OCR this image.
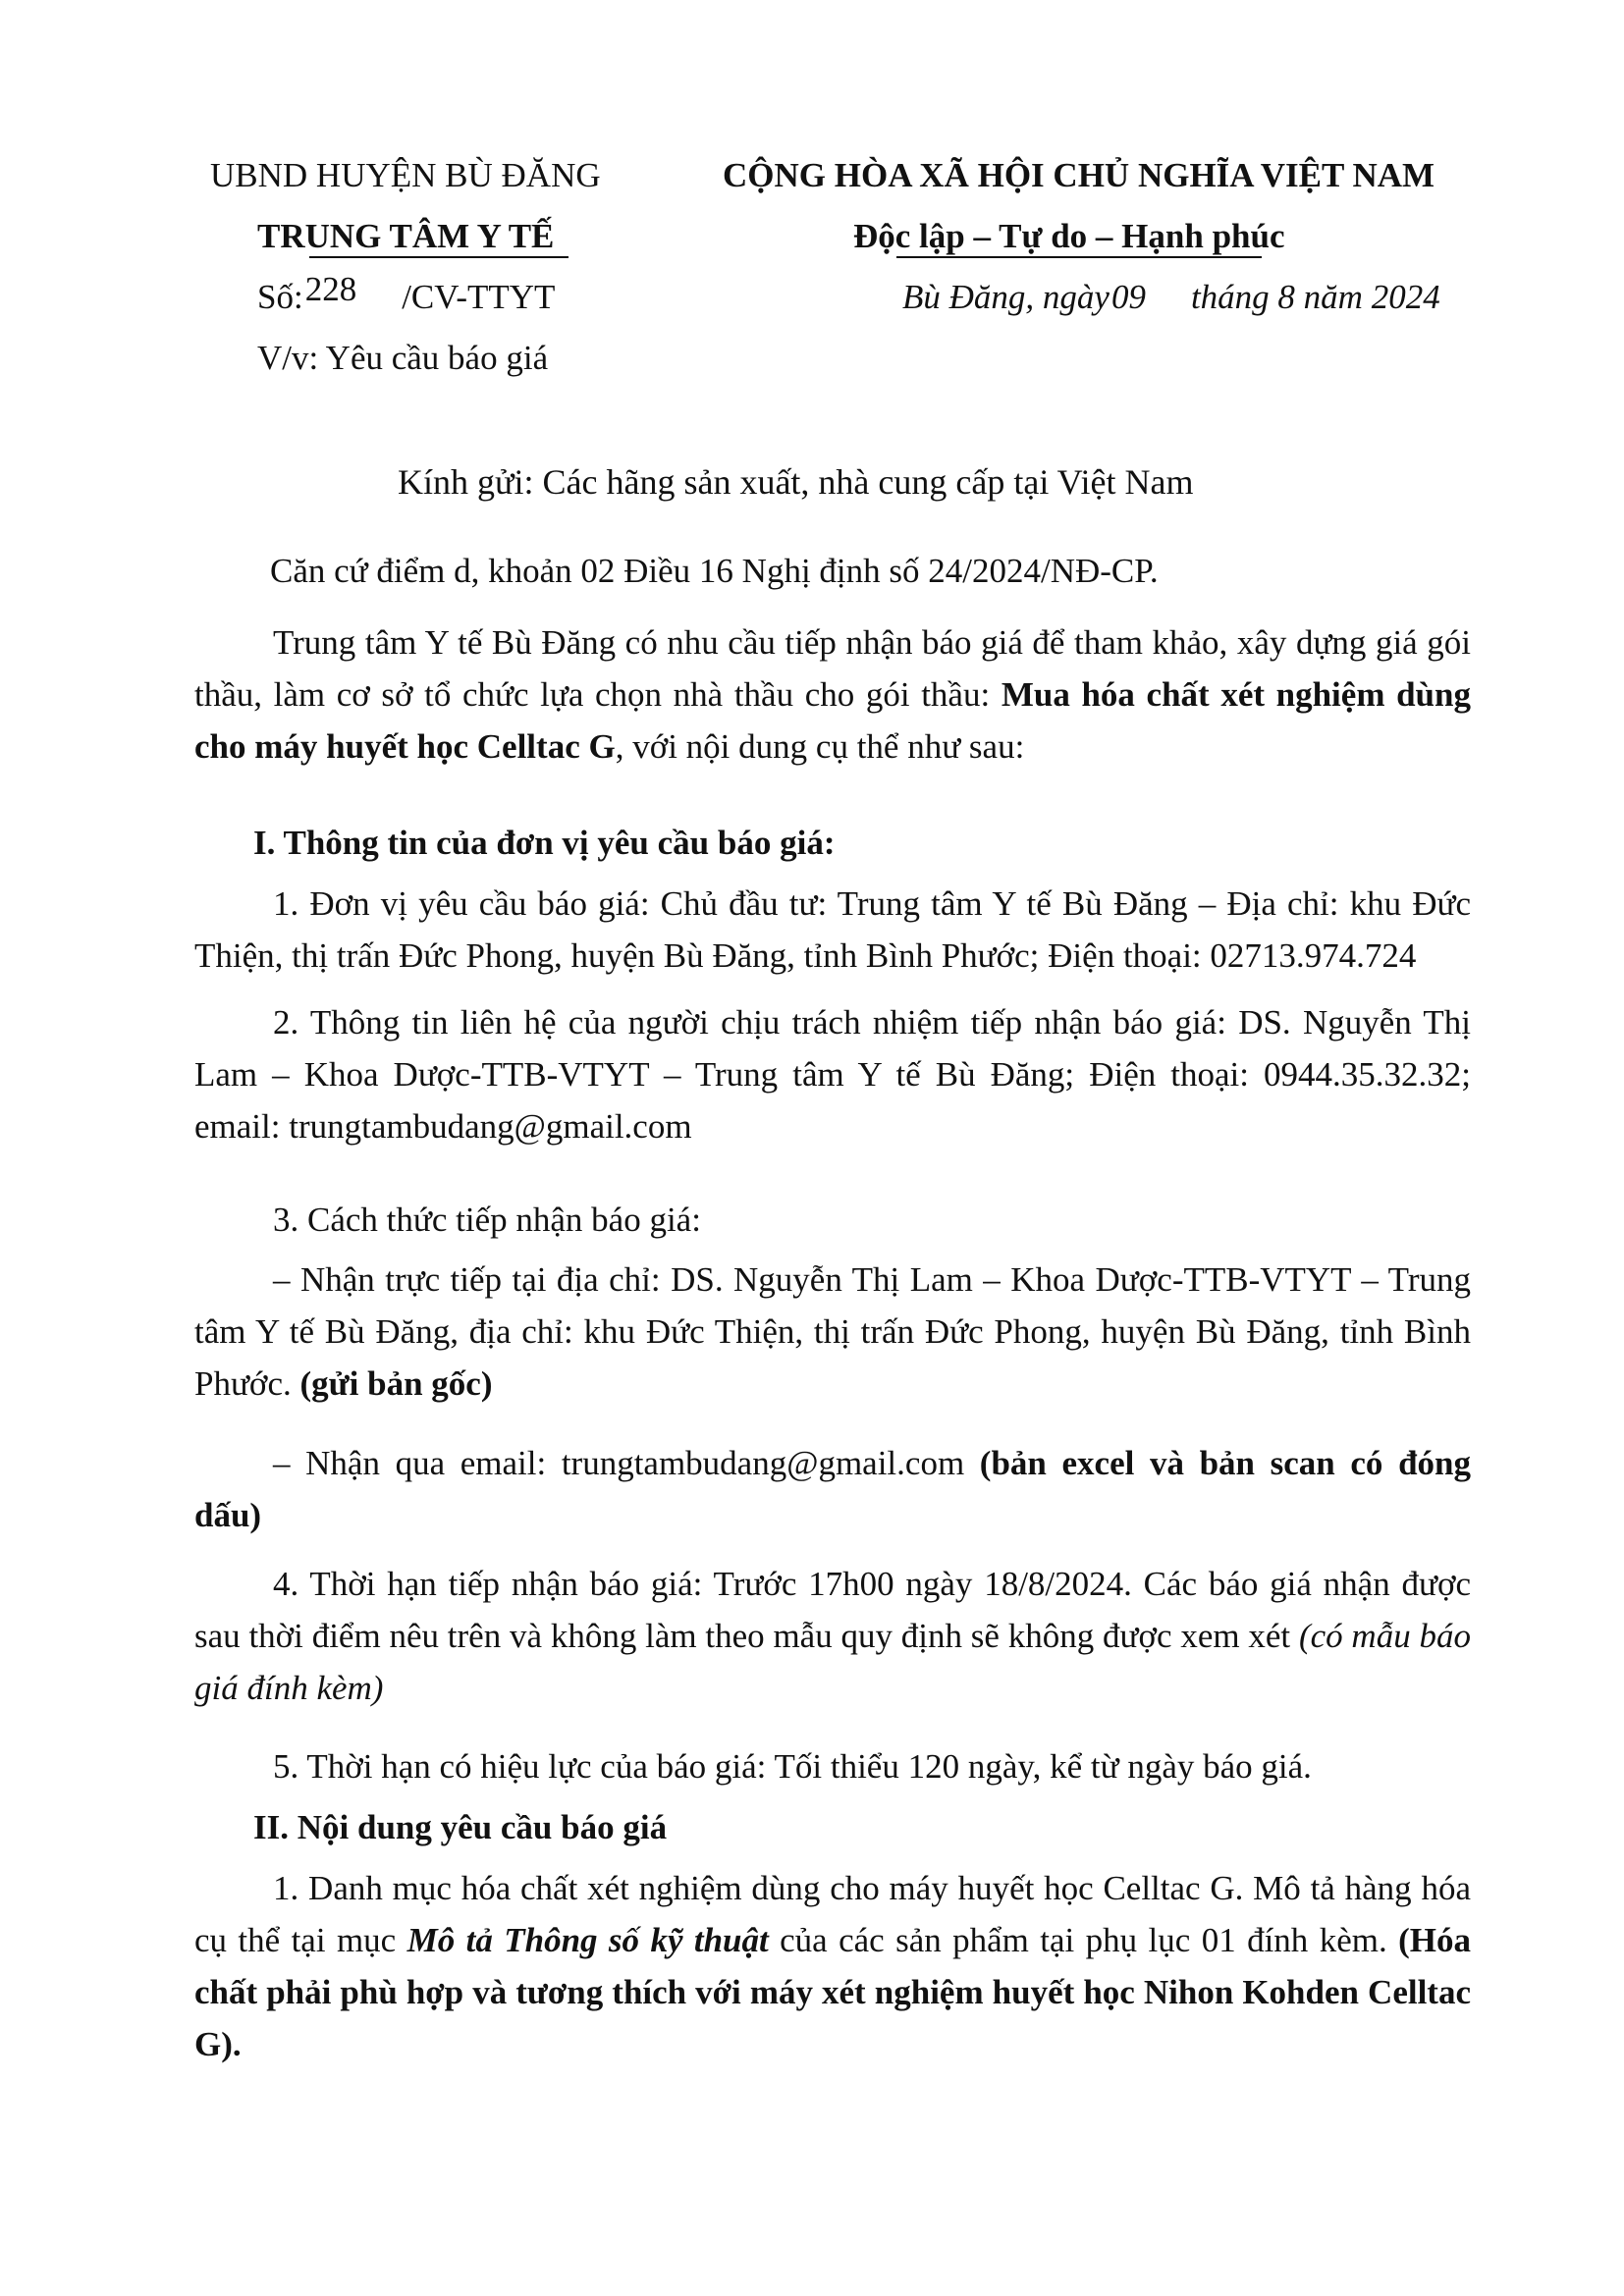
UBND HUYỆN BÙ ĐĂNG
TRUNG TÂM Y TẾ
Số:228 /CV-TTYT
V/v: Yêu cầu báo giá
CỘNG HÒA XÃ HỘI CHỦ NGHĨA VIỆT NAM
Độc lập – Tự do – Hạnh phúc
Bù Đăng, ngày09 tháng 8 năm 2024
Kính gửi: Các hãng sản xuất, nhà cung cấp tại Việt Nam
Căn cứ điểm d, khoản 02 Điều 16 Nghị định số 24/2024/NĐ-CP.
Trung tâm Y tế Bù Đăng có nhu cầu tiếp nhận báo giá để tham khảo, xây dựng giá gói thầu, làm cơ sở tổ chức lựa chọn nhà thầu cho gói thầu: Mua hóa chất xét nghiệm dùng cho máy huyết học Celltac G, với nội dung cụ thể như sau:
I. Thông tin của đơn vị yêu cầu báo giá:
1. Đơn vị yêu cầu báo giá: Chủ đầu tư: Trung tâm Y tế Bù Đăng – Địa chỉ: khu Đức Thiện, thị trấn Đức Phong, huyện Bù Đăng, tỉnh Bình Phước; Điện thoại: 02713.974.724
2. Thông tin liên hệ của người chịu trách nhiệm tiếp nhận báo giá: DS. Nguyễn Thị Lam – Khoa Dược-TTB-VTYT – Trung tâm Y tế Bù Đăng; Điện thoại: 0944.35.32.32; email: trungtambudang@gmail.com
3. Cách thức tiếp nhận báo giá:
– Nhận trực tiếp tại địa chỉ: DS. Nguyễn Thị Lam – Khoa Dược-TTB-VTYT – Trung tâm Y tế Bù Đăng, địa chỉ: khu Đức Thiện, thị trấn Đức Phong, huyện Bù Đăng, tỉnh Bình Phước. (gửi bản gốc)
– Nhận qua email: trungtambudang@gmail.com (bản excel và bản scan có đóng dấu)
4. Thời hạn tiếp nhận báo giá: Trước 17h00 ngày 18/8/2024. Các báo giá nhận được sau thời điểm nêu trên và không làm theo mẫu quy định sẽ không được xem xét (có mẫu báo giá đính kèm)
5. Thời hạn có hiệu lực của báo giá: Tối thiểu 120 ngày, kể từ ngày báo giá.
II. Nội dung yêu cầu báo giá
1. Danh mục hóa chất xét nghiệm dùng cho máy huyết học Celltac G. Mô tả hàng hóa cụ thể tại mục Mô tả Thông số kỹ thuật của các sản phẩm tại phụ lục 01 đính kèm. (Hóa chất phải phù hợp và tương thích với máy xét nghiệm huyết học Nihon Kohden Celltac G).
